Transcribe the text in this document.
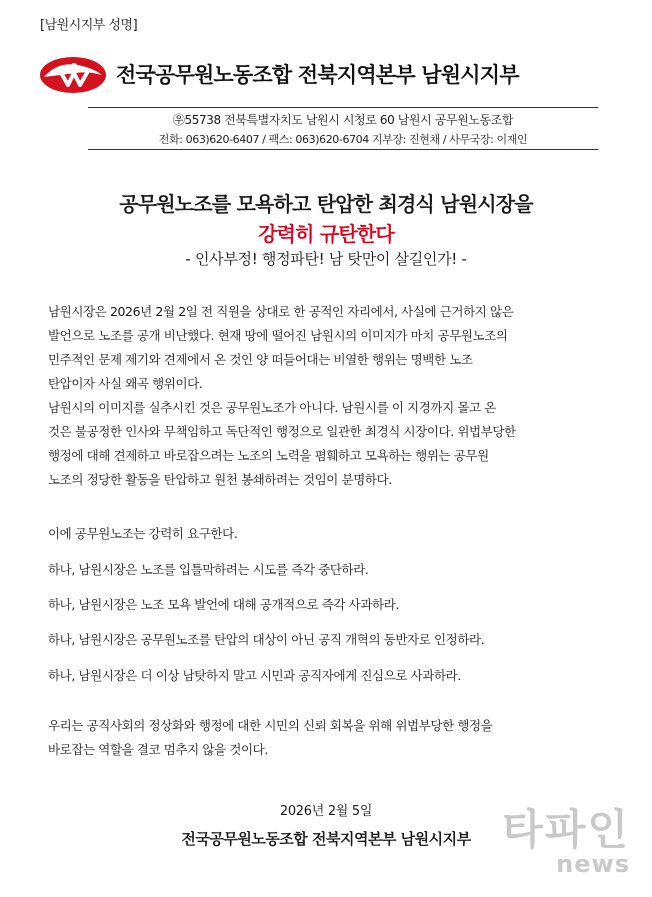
[남원시지부 성명]
전국공무원노동조합 전북지역본부 남원시지부
㉾55738 전북특별자치도 남원시 시청로 60 남원시 공무원노동조합
전화: 063)620-6407 / 팩스: 063)620-6704 지부장: 진현채 / 사무국장: 이재인
공무원노조를 모욕하고 탄압한 최경식 남원시장을
강력히 규탄한다
- 인사부정! 행정파탄! 남 탓만이 살길인가! -

남원시장은 2026년 2월 2일 전 직원을 상대로 한 공적인 자리에서, 사실에 근거하지 않은

발언으로 노조를 공개 비난했다. 현재 땅에 떨어진 남원시의 이미지가 마치 공무원노조의

민주적인 문제 제기와 견제에서 온 것인 양 떠들어대는 비열한 행위는 명백한 노조

탄압이자 사실 왜곡 행위이다.

남원시의 이미지를 실추시킨 것은 공무원노조가 아니다. 남원시를 이 지경까지 몰고 온

것은 불공정한 인사와 무책임하고 독단적인 행정으로 일관한 최경식 시장이다. 위법부당한

행정에 대해 견제하고 바로잡으려는 노조의 노력을 폄훼하고 모욕하는 행위는 공무원

노조의 정당한 활동을 탄압하고 원천 봉쇄하려는 것임이 분명하다.

이에 공무원노조는 강력히 요구한다.
하나, 남원시장은 노조를 입틀막하려는 시도를 즉각 중단하라.
하나, 남원시장은 노조 모욕 발언에 대해 공개적으로 즉각 사과하라.
하나, 남원시장은 공무원노조를 탄압의 대상이 아닌 공직 개혁의 동반자로 인정하라.
하나, 남원시장은 더 이상 남탓하지 말고 시민과 공직자에게 진심으로 사과하라.

우리는 공직사회의 정상화와 행정에 대한 시민의 신뢰 회복을 위해 위법부당한 행정을

바로잡는 역할을 결코 멈추지 않을 것이다.

2026년 2월 5일
전국공무원노동조합 전북지역본부 남원시지부 타파인
news
